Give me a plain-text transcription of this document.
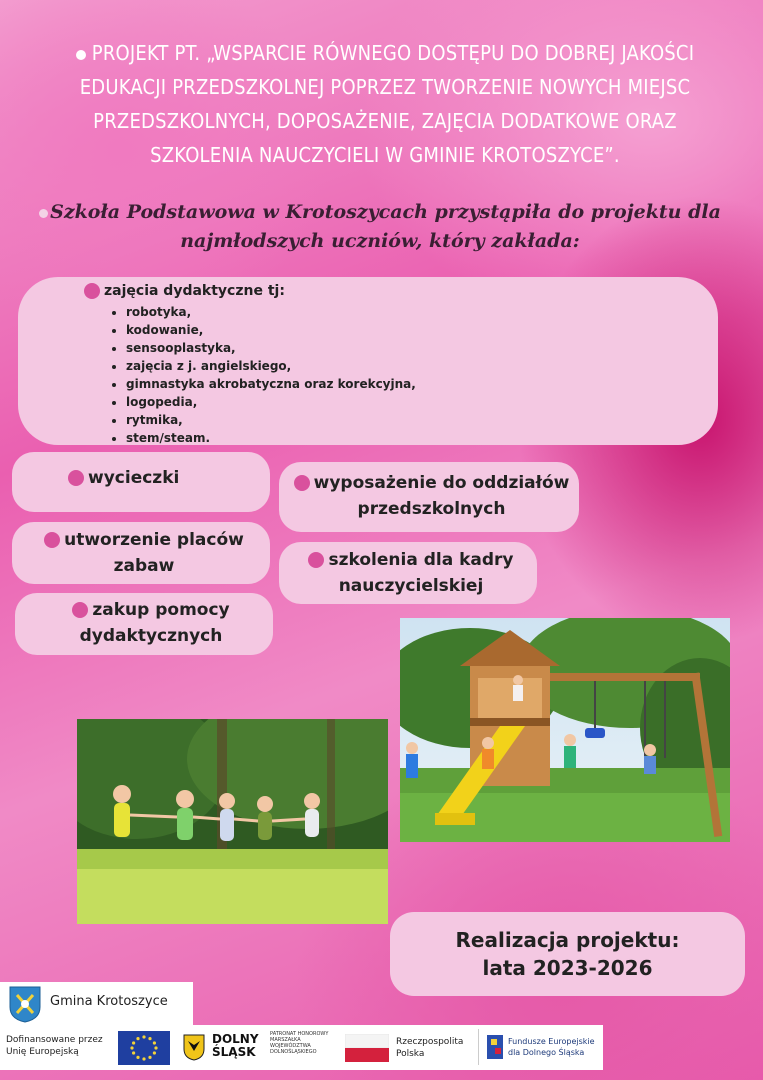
PROJEKT PT. „WSPARCIE RÓWNEGO DOSTĘPU DO DOBREJ JAKOŚCI
EDUKACJI PRZEDSZKOLNEJ POPRZEZ TWORZENIE NOWYCH MIEJSC
PRZEDSZKOLNYCH, DOPOSAŻENIE, ZAJĘCIA DODATKOWE ORAZ
SZKOLENIA NAUCZYCIELI W GMINIE KROTOSZYCE”.
Szkoła Podstawowa w Krotoszycach przystąpiła do projektu dla
najmłodszych uczniów, który zakłada:
zajęcia dydaktyczne tj:
• robotyka,
• kodowanie,
• sensooplastyka,
• zajęcia z j. angielskiego,
• gimnastyka akrobatyczna oraz korekcyjna,
• logopedia,
• rytmika,
• stem/steam.
wycieczki	wyposażenie do oddziałów
przedszkolnych
utworzenie placów
zabaw	szkolenia dla kadry
nauczycielskiej
zakup pomocy
dydaktycznych
Realizacja projektu:
lata 2023-2026
Gmina Krotoszyce
Dofinansowane przez
Unię Europejską
DOLNY
ŚLĄSK
PATRONAT HONOROWY
MARSZAŁKA
WOJEWÓDZTWA
DOLNOŚLĄSKIEGO
Rzeczpospolita
Polska
Fundusze Europejskie
dla Dolnego Śląska
